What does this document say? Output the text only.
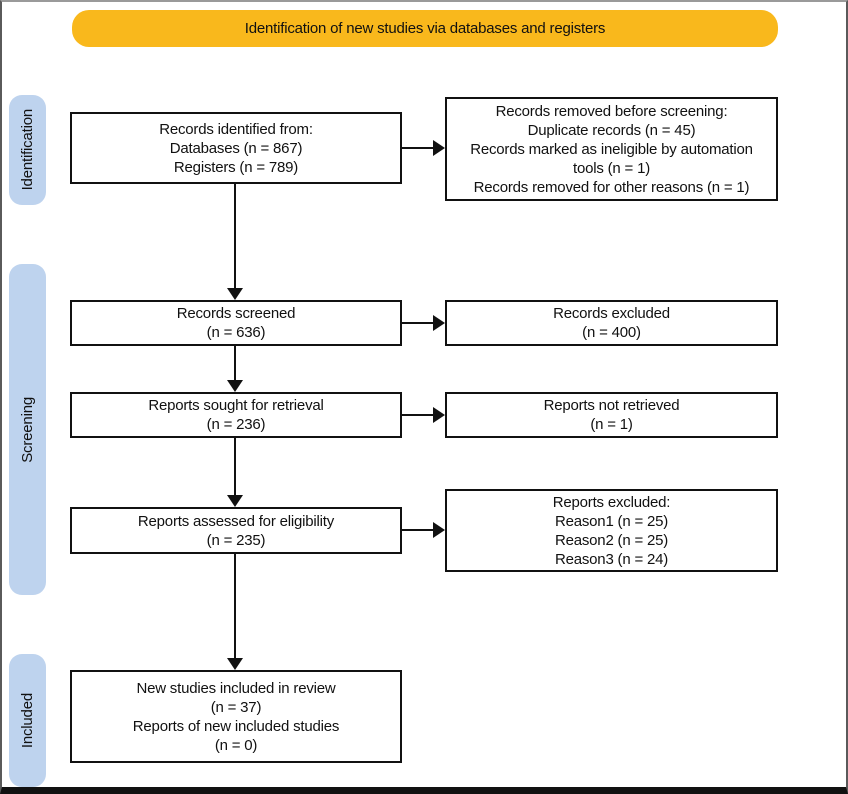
Identification of new studies via databases and registers
Identification
Screening
Included
Records identified from:
Databases (n = 867)
Registers (n = 789)
Records screened
(n = 636)
Reports sought for retrieval
(n = 236)
Reports assessed for eligibility
(n = 235)
New studies included in review
(n = 37)
Reports of new included studies
(n = 0)
Records removed before screening:
Duplicate records (n = 45)
Records marked as ineligible by automation tools (n = 1)
Records removed for other reasons (n = 1)
Records excluded
(n = 400)
Reports not retrieved
(n = 1)
Reports excluded:
Reason1 (n = 25)
Reason2 (n = 25)
Reason3 (n = 24)
